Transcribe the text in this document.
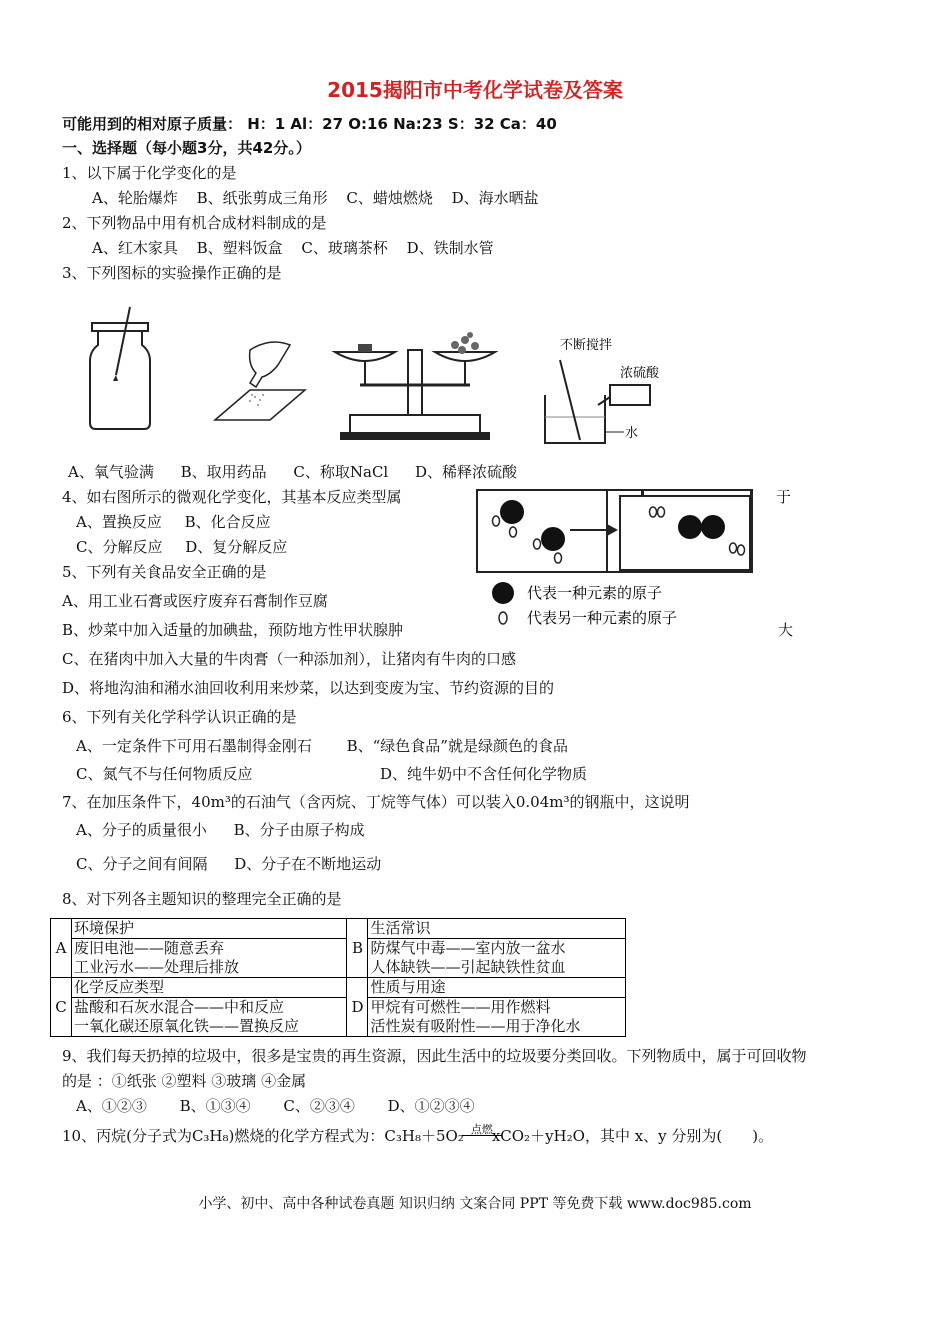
2015揭阳市中考化学试卷及答案
可能用到的相对原子质量： H：1 Al：27 O:16 Na:23 S：32 Ca：40
一、选择题（每小题3分，共42分。）
1、以下属于化学变化的是
A、轮胎爆炸 B、纸张剪成三角形 C、蜡烛燃烧 D、海水晒盐
2、下列物品中用有机合成材料制成的是
A、红木家具 B、塑料饭盒 C、玻璃茶杯 D、铁制水管
3、下列图标的实验操作正确的是
不断搅拌
浓硫酸
水
A、氧气验满 B、取用药品 C、称取NaCl D、稀释浓硫酸
4、如右图所示的微观化学变化，其基本反应类型属	于
A、置换反应 B、化合反应
C、分解反应 D、复分解反应
代表一种元素的原子
代表另一种元素的原子
5、下列有关食品安全正确的是
A、用工业石膏或医疗废弃石膏制作豆腐
B、炒菜中加入适量的加碘盐，预防地方性甲状腺肿	大
C、在猪肉中加入大量的牛肉膏（一种添加剂），让猪肉有牛肉的口感
D、将地沟油和潲水油回收利用来炒菜，以达到变废为宝、节约资源的目的
6、下列有关化学科学认识正确的是
A、一定条件下可用石墨制得金刚石 B、“绿色食品”就是绿颜色的食品
C、氮气不与任何物质反应	D、纯牛奶中不含任何化学物质
7、在加压条件下，40m³的石油气（含丙烷、丁烷等气体）可以装入0.04m³的钢瓶中，这说明
A、分子的质量很小 B、分子由原子构成
C、分子之间有间隔 D、分子在不断地运动
8、对下列各主题知识的整理完全正确的是
A	环境保护	B	生活常识
	废旧电池——随意丢弃		防煤气中毒——室内放一盆水
	工业污水——处理后排放		人体缺铁——引起缺铁性贫血
C	化学反应类型	D	性质与用途
	盐酸和石灰水混合——中和反应		甲烷有可燃性——用作燃料
	一氧化碳还原氧化铁——置换反应		活性炭有吸附性——用于净化水
9、我们每天扔掉的垃圾中，很多是宝贵的再生资源，因此生活中的垃圾要分类回收。下列物质中，属于可回收物
的是 ：①纸张 ②塑料 ③玻璃 ④金属
A、①②③ B、①③④ C、②③④ D、①②③④
10、丙烷(分子式为C₃H₈)燃烧的化学方程式为：C₃H₈＋5O₂ 点燃xCO₂＋yH₂O，其中 x、y 分别为(　　)。
小学、初中、高中各种试卷真题 知识归纳 文案合同 PPT 等免费下载 www.doc985.com
